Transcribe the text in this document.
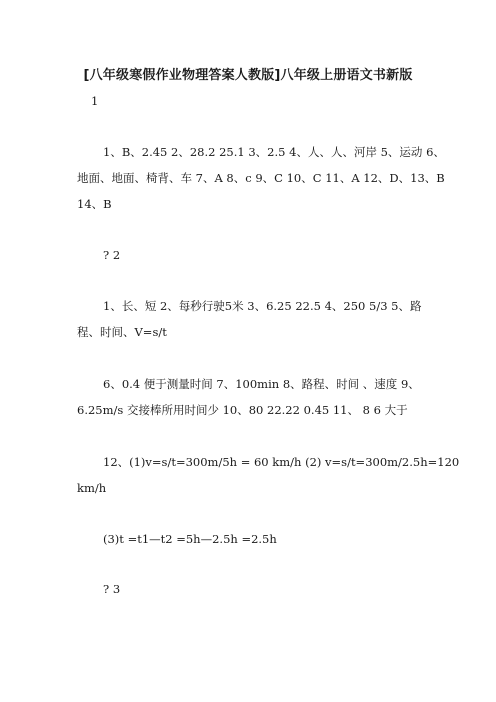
[八年级寒假作业物理答案人教版]八年级上册语文书新版
1
1、B、2.45 2、28.2 25.1 3、2.5 4、人、人、河岸 5、运动 6、
地面、地面、椅背、车 7、A 8、c 9、C 10、C 11、A 12、D、13、B
14、B
? 2
1、长、短 2、每秒行驶5米 3、6.25 22.5 4、250 5/3 5、路
程、时间、V=s/t
6、0.4 便于测量时间 7、100min 8、路程、时间 、速度 9、
6.25m/s 交接棒所用时间少 10、80 22.22 0.45 11、 8 6 大于
12、(1)v=s/t=300m/5h = 60 km/h (2) v=s/t=300m/2.5h=120
km/h
(3)t =t1—t2 =5h—2.5h =2.5h
? 3
